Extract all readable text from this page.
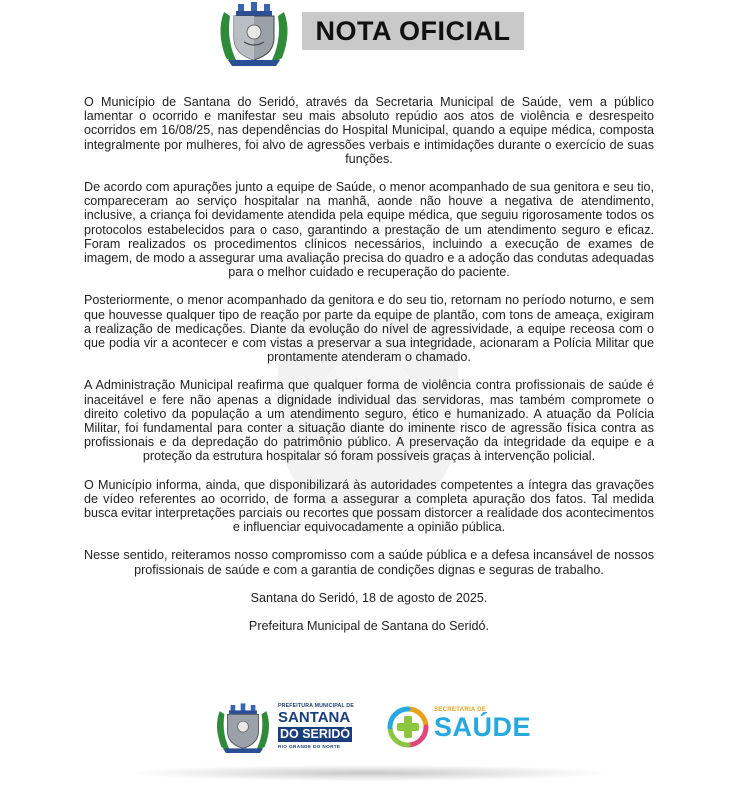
NOTA OFICIAL

O Município de Santana do Seridó, através da Secretaria Municipal de Saúde, vem a público lamentar o ocorrido e manifestar seu mais absoluto repúdio aos atos de violência e desrespeito ocorridos em 16/08/25, nas dependências do Hospital Municipal, quando a equipe médica, composta integralmente por mulheres, foi alvo de agressões verbais e intimidações durante o exercício de suas funções.

De acordo com apurações junto a equipe de Saúde, o menor acompanhado de sua genitora e seu tio, compareceram ao serviço hospitalar na manhã, aonde não houve a negativa de atendimento, inclusive, a criança foi devidamente atendida pela equipe médica, que seguiu rigorosamente todos os protocolos estabelecidos para o caso, garantindo a prestação de um atendimento seguro e eficaz. Foram realizados os procedimentos clínicos necessários, incluindo a execução de exames de imagem, de modo a assegurar uma avaliação precisa do quadro e a adoção das condutas adequadas para o melhor cuidado e recuperação do paciente.

Posteriormente, o menor acompanhado da genitora e do seu tio, retornam no período noturno, e sem que houvesse qualquer tipo de reação por parte da equipe de plantão, com tons de ameaça, exigiram a realização de medicações. Diante da evolução do nível de agressividade, a equipe receosa com o que podia vir a acontecer e com vistas a preservar a sua integridade, acionaram a Polícia Militar que prontamente atenderam o chamado.

A Administração Municipal reafirma que qualquer forma de violência contra profissionais de saúde é inaceitável e fere não apenas a dignidade individual das servidoras, mas também compromete o direito coletivo da população a um atendimento seguro, ético e humanizado. A atuação da Polícia Militar, foi fundamental para conter a situação diante do iminente risco de agressão física contra as profissionais e da depredação do patrimônio público. A preservação da integridade da equipe e a proteção da estrutura hospitalar só foram possíveis graças à intervenção policial.

O Município informa, ainda, que disponibilizará às autoridades competentes a íntegra das gravações de vídeo referentes ao ocorrido, de forma a assegurar a completa apuração dos fatos. Tal medida busca evitar interpretações parciais ou recortes que possam distorcer a realidade dos acontecimentos e influenciar equivocadamente a opinião pública.

Nesse sentido, reiteramos nosso compromisso com a saúde pública e a defesa incansável de nossos profissionais de saúde e com a garantia de condições dignas e seguras de trabalho.

Santana do Seridó, 18 de agosto de 2025.

Prefeitura Municipal de Santana do Seridó.

PREFEITURA MUNICIPAL DE
SANTANA
DO SERIDÓ
RIO GRANDE DO NORTE
SECRETARIA DE
SAÚDE
